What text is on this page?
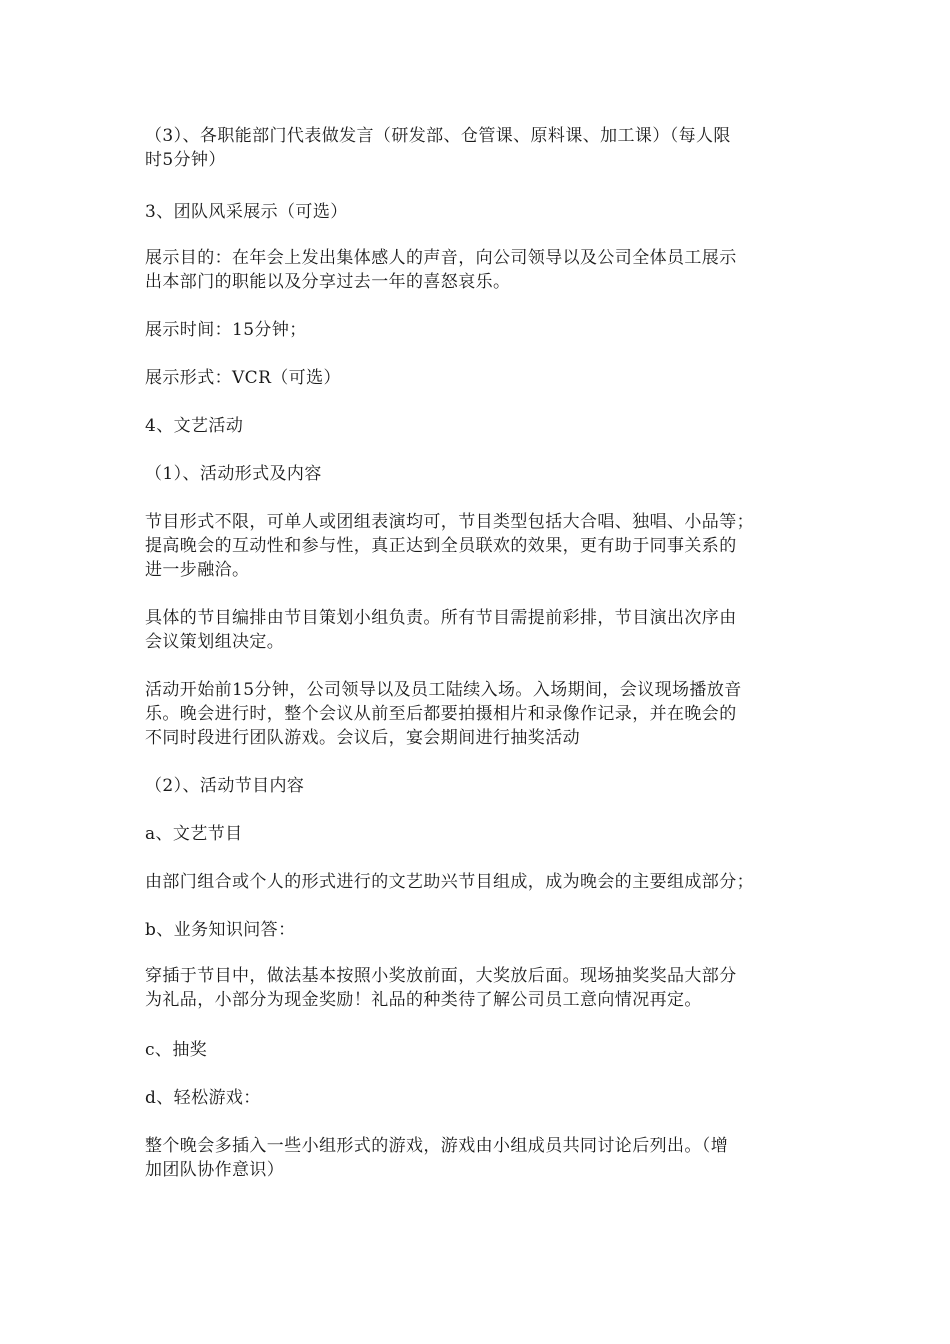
（3）、各职能部门代表做发言（研发部、仓管课、原料课、加工课）（每人限
时5分钟）

3、团队风采展示（可选）

展示目的：在年会上发出集体感人的声音，向公司领导以及公司全体员工展示
出本部门的职能以及分享过去一年的喜怒哀乐。

展示时间：15分钟；

展示形式：VCR（可选）

4、文艺活动

（1）、活动形式及内容

节目形式不限，可单人或团组表演均可，节目类型包括大合唱、独唱、小品等；
提高晚会的互动性和参与性，真正达到全员联欢的效果，更有助于同事关系的
进一步融洽。

具体的节目编排由节目策划小组负责。所有节目需提前彩排，节目演出次序由
会议策划组决定。

活动开始前15分钟，公司领导以及员工陆续入场。入场期间，会议现场播放音
乐。晚会进行时，整个会议从前至后都要拍摄相片和录像作记录，并在晚会的
不同时段进行团队游戏。会议后，宴会期间进行抽奖活动

（2）、活动节目内容

a、文艺节目

由部门组合或个人的形式进行的文艺助兴节目组成，成为晚会的主要组成部分；

b、业务知识问答：

穿插于节目中，做法基本按照小奖放前面，大奖放后面。现场抽奖奖品大部分
为礼品，小部分为现金奖励！礼品的种类待了解公司员工意向情况再定。

c、抽奖

d、轻松游戏：

整个晚会多插入一些小组形式的游戏，游戏由小组成员共同讨论后列出。（增
加团队协作意识）
